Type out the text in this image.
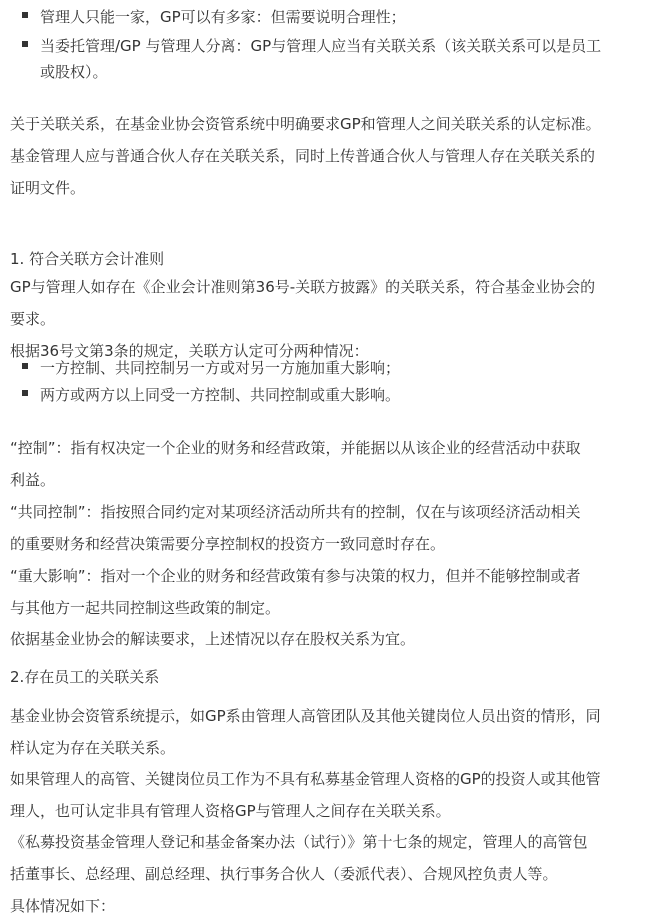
管理人只能一家，GP可以有多家：但需要说明合理性；
当委托管理/GP 与管理人分离：GP与管理人应当有关联关系（该关联关系可以是员工
或股权）。
关于关联关系，在基金业协会资管系统中明确要求GP和管理人之间关联关系的认定标准。
基金管理人应与普通合伙人存在关联关系，同时上传普通合伙人与管理人存在关联关系的
证明文件。
1. 符合关联方会计准则
GP与管理人如存在《企业会计准则第36号-关联方披露》的关联关系，符合基金业协会的
要求。
根据36号文第3条的规定，关联方认定可分两种情况：
一方控制、共同控制另一方或对另一方施加重大影响；
两方或两方以上同受一方控制、共同控制或重大影响。
“控制”：指有权决定一个企业的财务和经营政策，并能据以从该企业的经营活动中获取
利益。
“共同控制”：指按照合同约定对某项经济活动所共有的控制，仅在与该项经济活动相关
的重要财务和经营决策需要分享控制权的投资方一致同意时存在。
“重大影响”：指对一个企业的财务和经营政策有参与决策的权力，但并不能够控制或者
与其他方一起共同控制这些政策的制定。
依据基金业协会的解读要求，上述情况以存在股权关系为宜。
2.存在员工的关联关系
基金业协会资管系统提示，如GP系由管理人高管团队及其他关键岗位人员出资的情形，同
样认定为存在关联关系。
如果管理人的高管、关键岗位员工作为不具有私募基金管理人资格的GP的投资人或其他管
理人，也可认定非具有管理人资格GP与管理人之间存在关联关系。
《私募投资基金管理人登记和基金备案办法（试行）》第十七条的规定，管理人的高管包
括董事长、总经理、副总经理、执行事务合伙人（委派代表）、合规风控负责人等。
具体情况如下：
